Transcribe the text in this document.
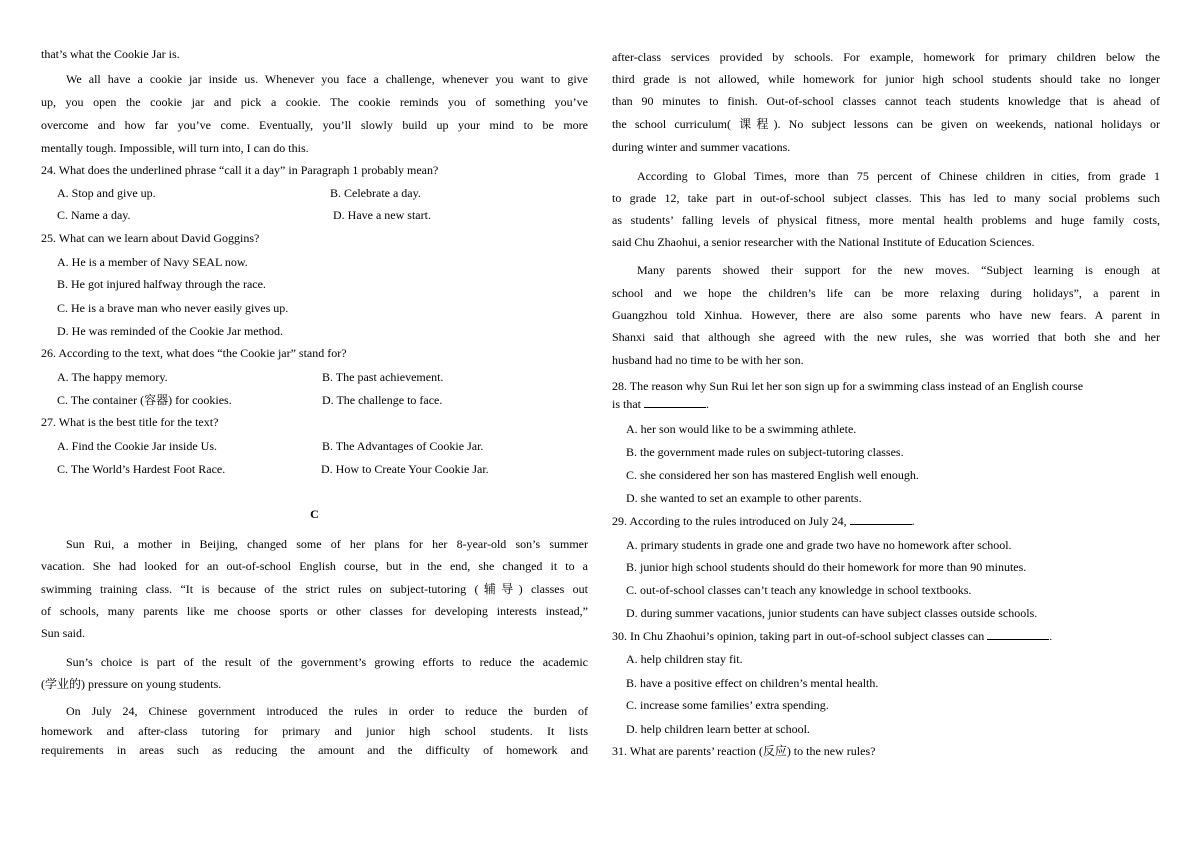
that’s what the Cookie Jar is.
We all have a cookie jar inside us. Whenever you face a challenge, whenever you want to give
up, you open the cookie jar and pick a cookie. The cookie reminds you of something you’ve
overcome and how far you’ve come. Eventually, you’ll slowly build up your mind to be more
mentally tough. Impossible, will turn into, I can do this.
24. What does the underlined phrase “call it a day” in Paragraph 1 probably mean?
A. Stop and give up.	B. Celebrate a day.
C. Name a day.	D. Have a new start.
25. What can we learn about David Goggins?
A. He is a member of Navy SEAL now.
B. He got injured halfway through the race.
C. He is a brave man who never easily gives up.
D. He was reminded of the Cookie Jar method.
26. According to the text, what does “the Cookie jar” stand for?
A. The happy memory.	B. The past achievement.
C. The container (容器) for cookies.	D. The challenge to face.
27. What is the best title for the text?
A. Find the Cookie Jar inside Us.	B. The Advantages of Cookie Jar.
C. The World’s Hardest Foot Race.	D. How to Create Your Cookie Jar.
C
Sun Rui, a mother in Beijing, changed some of her plans for her 8-year-old son’s summer
vacation. She had looked for an out-of-school English course, but in the end, she changed it to a
swimming training class. “It is because of the strict rules on subject-tutoring (辅导) classes out
of schools, many parents like me choose sports or other classes for developing interests instead,”
Sun said.
Sun’s choice is part of the result of the government’s growing efforts to reduce the academic
(学业的) pressure on young students.
On July 24, Chinese government introduced the rules in order to reduce the burden of
homework and after-class tutoring for primary and junior high school students. It lists
requirements in areas such as reducing the amount and the difficulty of homework and
after-class services provided by schools. For example, homework for primary children below the
third grade is not allowed, while homework for junior high school students should take no longer
than 90 minutes to finish. Out-of-school classes cannot teach students knowledge that is ahead of
the school curriculum( 课程). No subject lessons can be given on weekends, national holidays or
during winter and summer vacations.
According to Global Times, more than 75 percent of Chinese children in cities, from grade 1
to grade 12, take part in out-of-school subject classes. This has led to many social problems such
as students’ falling levels of physical fitness, more mental health problems and huge family costs,
said Chu Zhaohui, a senior researcher with the National Institute of Education Sciences.
Many parents showed their support for the new moves. “Subject learning is enough at
school and we hope the children’s life can be more relaxing during holidays”, a parent in
Guangzhou told Xinhua. However, there are also some parents who have new fears. A parent in
Shanxi said that although she agreed with the new rules, she was worried that both she and her
husband had no time to be with her son.
28. The reason why Sun Rui let her son sign up for a swimming class instead of an English course
is that	.
A. her son would like to be a swimming athlete.
B. the government made rules on subject-tutoring classes.
C. she considered her son has mastered English well enough.
D. she wanted to set an example to other parents.
29. According to the rules introduced on July 24,	.
A. primary students in grade one and grade two have no homework after school.
B. junior high school students should do their homework for more than 90 minutes.
C. out-of-school classes can’t teach any knowledge in school textbooks.
D. during summer vacations, junior students can have subject classes outside schools.
30. In Chu Zhaohui’s opinion, taking part in out-of-school subject classes can	.
A. help children stay fit.
B. have a positive effect on children’s mental health.
C. increase some families’ extra spending.
D. help children learn better at school.
31. What are parents’ reaction (反应) to the new rules?
